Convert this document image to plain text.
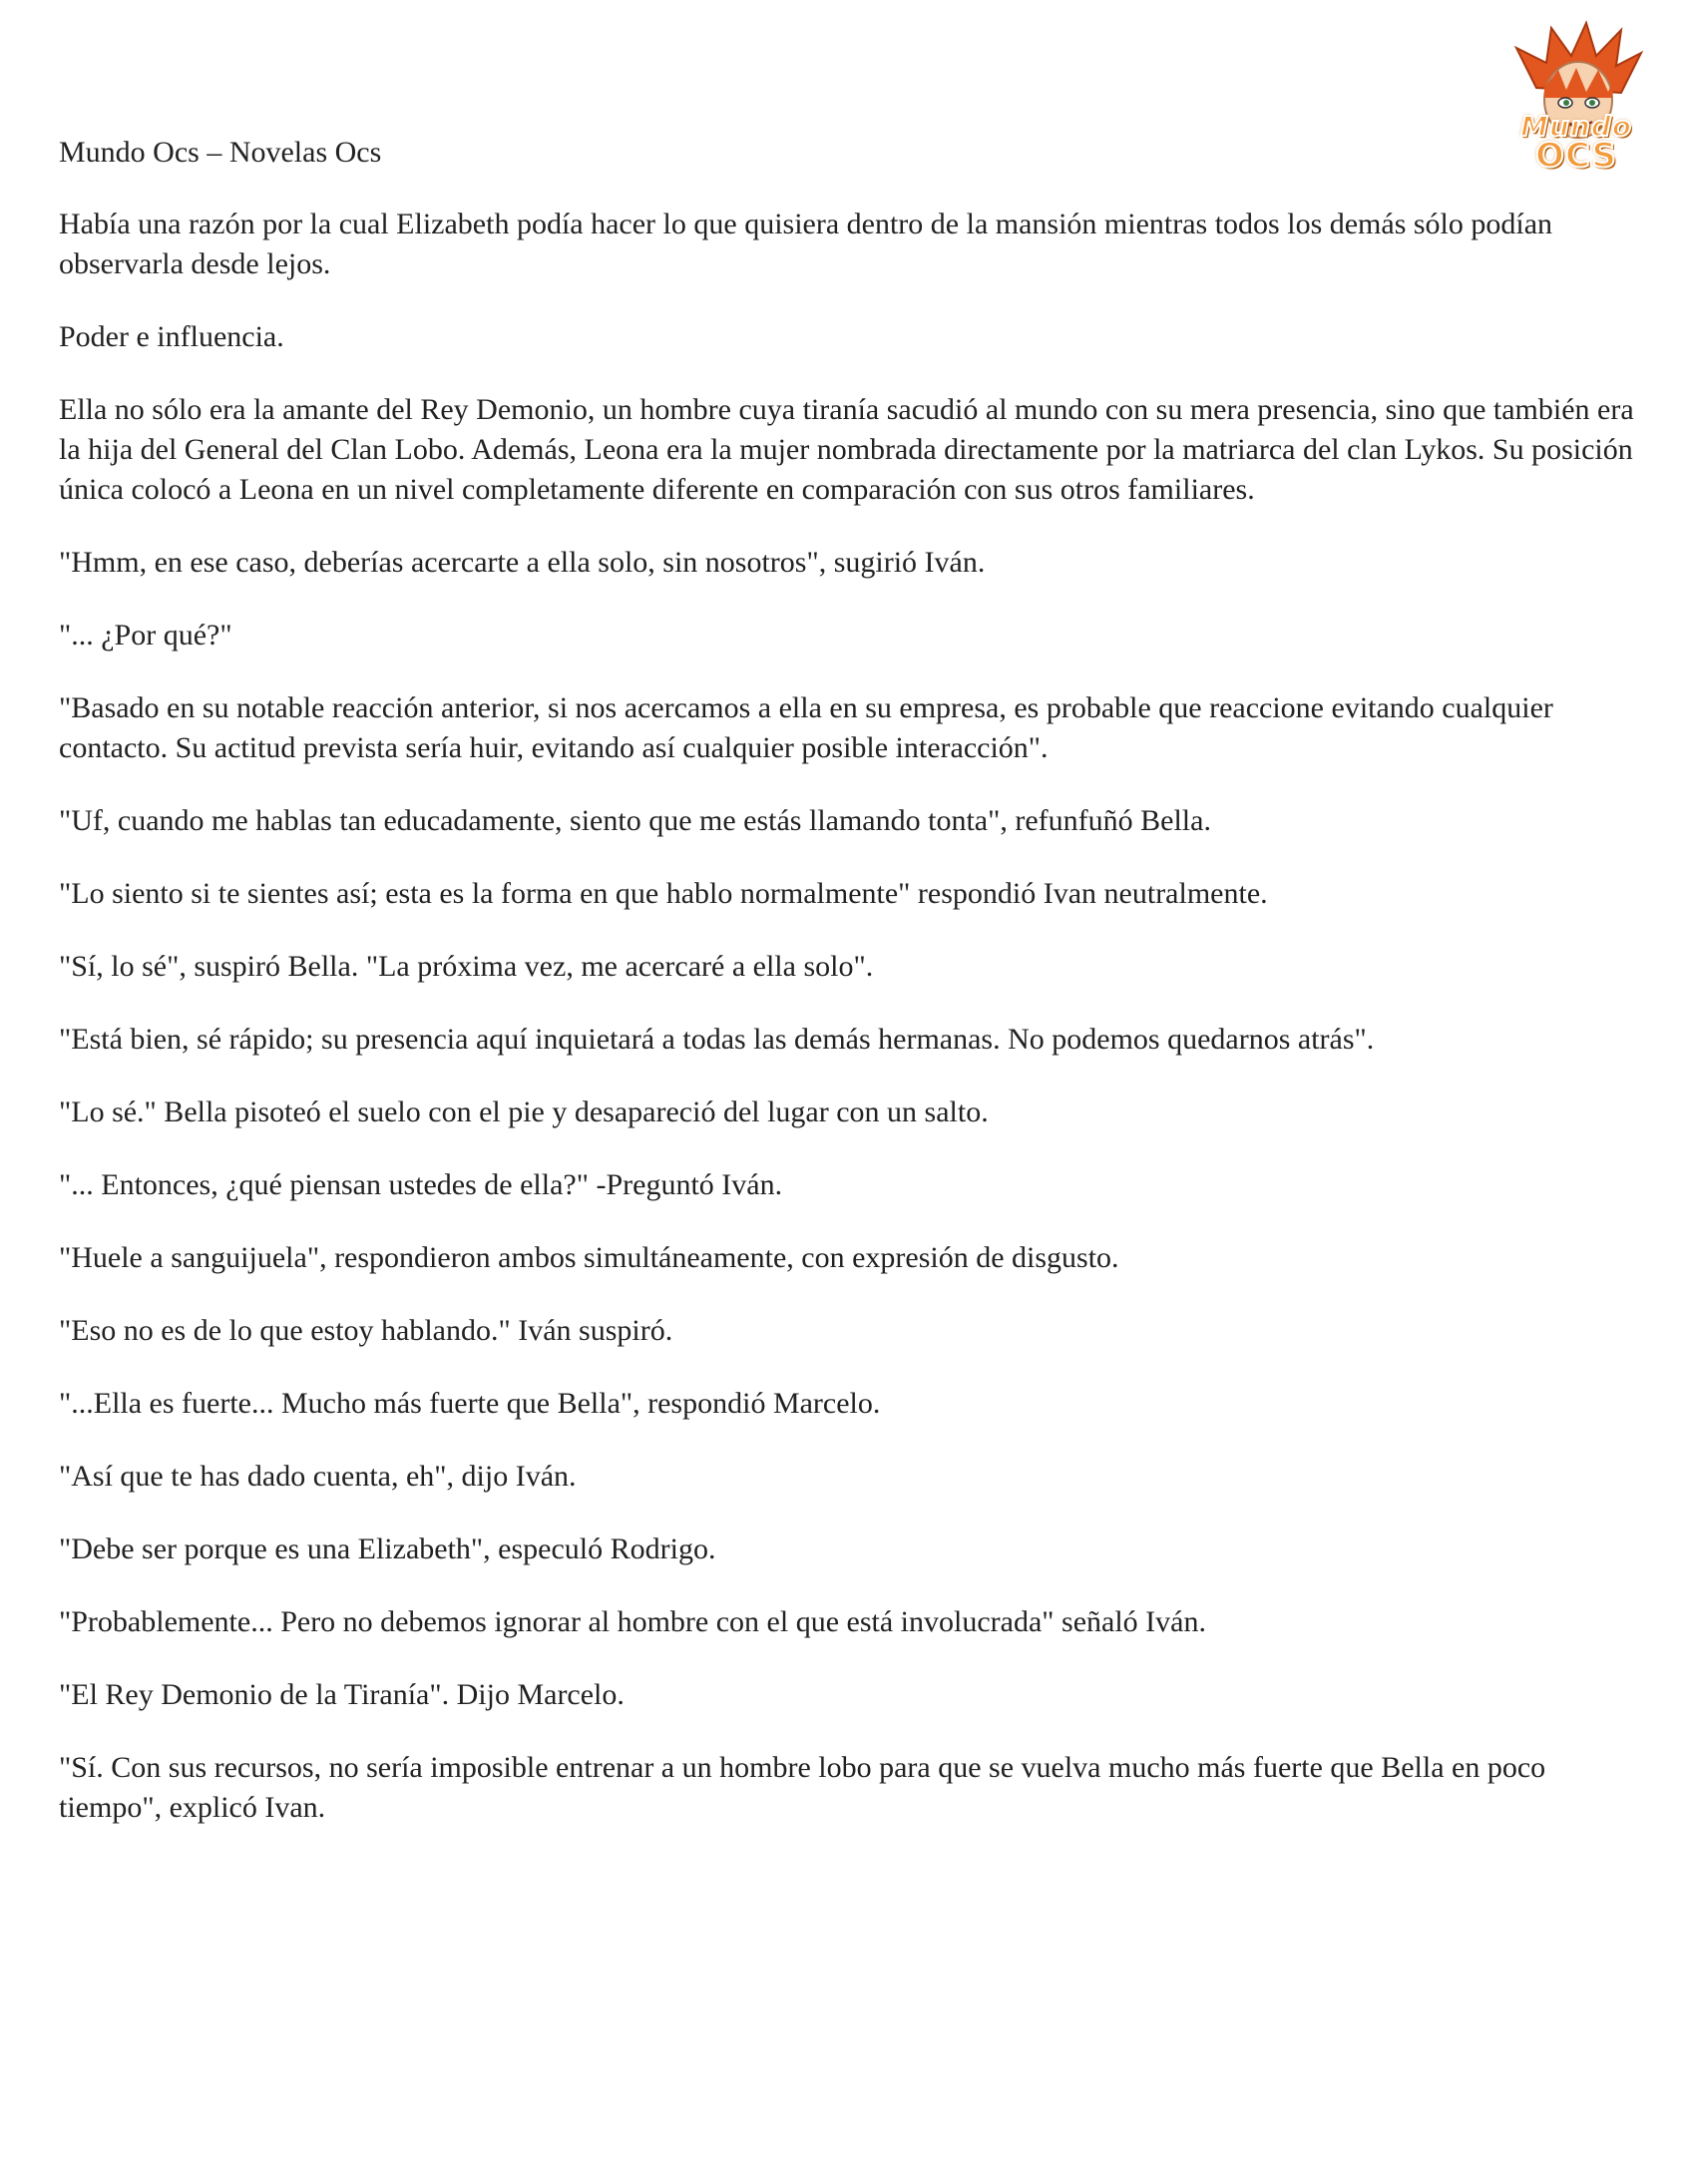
Mundo
OCS

Mundo Ocs – Novelas Ocs

Había una razón por la cual Elizabeth podía hacer lo que quisiera dentro de la mansión mientras todos los demás sólo podían observarla desde lejos.

Poder e influencia.

Ella no sólo era la amante del Rey Demonio, un hombre cuya tiranía sacudió al mundo con su mera presencia, sino que también era la hija del General del Clan Lobo. Además, Leona era la mujer nombrada directamente por la matriarca del clan Lykos. Su posición única colocó a Leona en un nivel completamente diferente en comparación con sus otros familiares.

"Hmm, en ese caso, deberías acercarte a ella solo, sin nosotros", sugirió Iván.

"... ¿Por qué?"

"Basado en su notable reacción anterior, si nos acercamos a ella en su empresa, es probable que reaccione evitando cualquier contacto. Su actitud prevista sería huir, evitando así cualquier posible interacción".

"Uf, cuando me hablas tan educadamente, siento que me estás llamando tonta", refunfuñó Bella.

"Lo siento si te sientes así; esta es la forma en que hablo normalmente" respondió Ivan neutralmente.

"Sí, lo sé", suspiró Bella. "La próxima vez, me acercaré a ella solo".

"Está bien, sé rápido; su presencia aquí inquietará a todas las demás hermanas. No podemos quedarnos atrás".

"Lo sé." Bella pisoteó el suelo con el pie y desapareció del lugar con un salto.

"... Entonces, ¿qué piensan ustedes de ella?" -Preguntó Iván.

"Huele a sanguijuela", respondieron ambos simultáneamente, con expresión de disgusto.

"Eso no es de lo que estoy hablando." Iván suspiró.

"...Ella es fuerte... Mucho más fuerte que Bella", respondió Marcelo.

"Así que te has dado cuenta, eh", dijo Iván.

"Debe ser porque es una Elizabeth", especuló Rodrigo.

"Probablemente... Pero no debemos ignorar al hombre con el que está involucrada" señaló Iván.

"El Rey Demonio de la Tiranía". Dijo Marcelo.

"Sí. Con sus recursos, no sería imposible entrenar a un hombre lobo para que se vuelva mucho más fuerte que Bella en poco tiempo", explicó Ivan.
